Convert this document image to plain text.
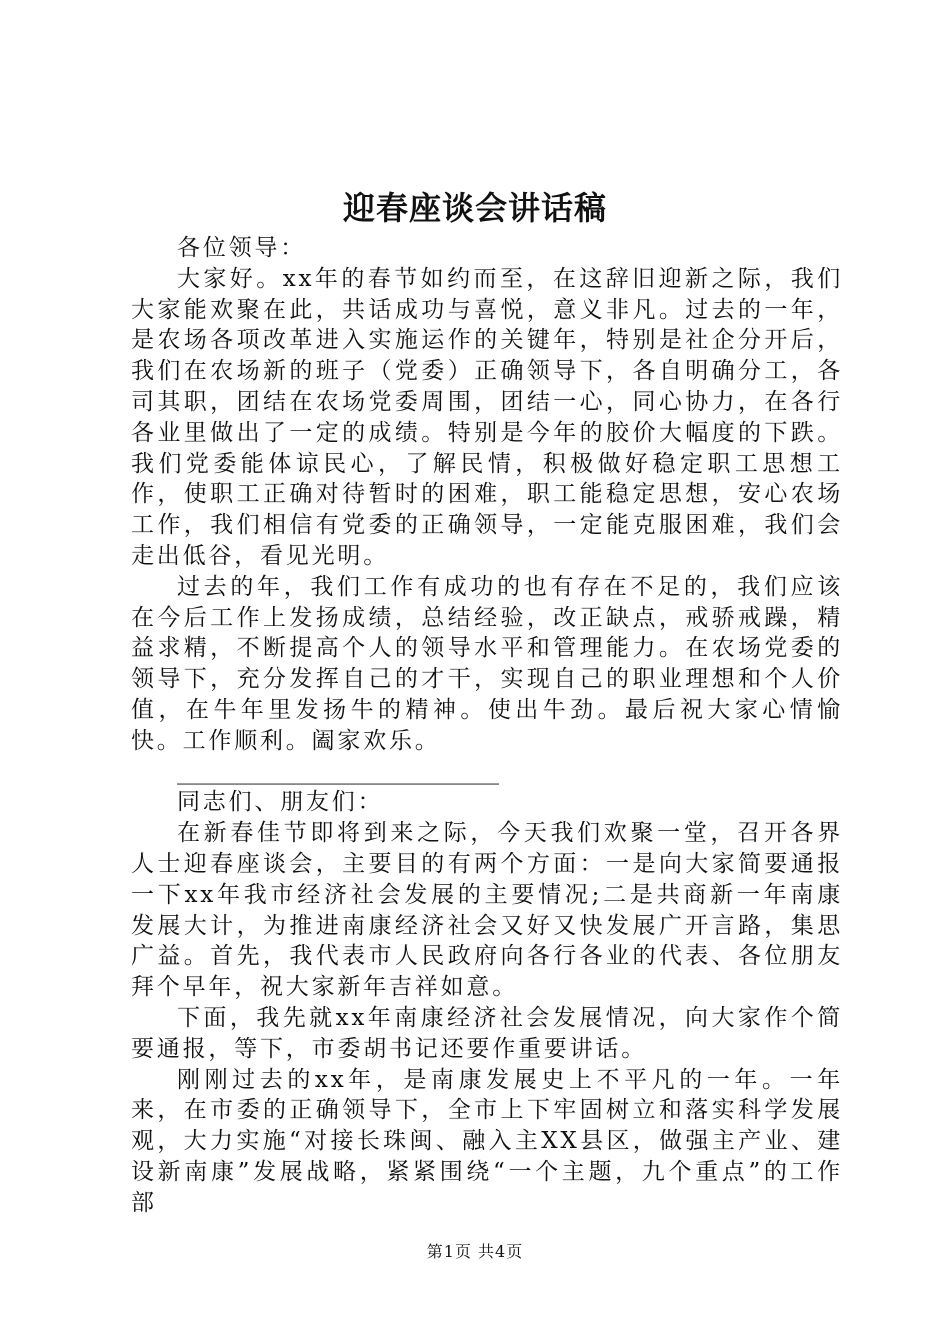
迎春座谈会讲话稿

各位领导：

大家好。xx年的春节如约而至，在这辞旧迎新之际，我们大家能欢聚在此，共话成功与喜悦，意义非凡。过去的一年，是农场各项改革进入实施运作的关键年，特别是社企分开后，我们在农场新的班子（党委）正确领导下，各自明确分工，各司其职，团结在农场党委周围，团结一心，同心协力，在各行各业里做出了一定的成绩。特别是今年的胶价大幅度的下跌。我们党委能体谅民心，了解民情，积极做好稳定职工思想工作，使职工正确对待暂时的困难，职工能稳定思想，安心农场工作，我们相信有党委的正确领导，一定能克服困难，我们会走出低谷，看见光明。

过去的年，我们工作有成功的也有存在不足的，我们应该在今后工作上发扬成绩，总结经验，改正缺点，戒骄戒躁，精益求精，不断提高个人的领导水平和管理能力。在农场党委的领导下，充分发挥自己的才干，实现自己的职业理想和个人价值，在牛年里发扬牛的精神。使出牛劲。最后祝大家心情愉快。工作顺利。阖家欢乐。

____________________________

同志们、朋友们：

在新春佳节即将到来之际，今天我们欢聚一堂，召开各界人士迎春座谈会，主要目的有两个方面：一是向大家简要通报一下xx年我市经济社会发展的主要情况;二是共商新一年南康发展大计，为推进南康经济社会又好又快发展广开言路，集思广益。首先，我代表市人民政府向各行各业的代表、各位朋友拜个早年，祝大家新年吉祥如意。

下面，我先就xx年南康经济社会发展情况，向大家作个简要通报，等下，市委胡书记还要作重要讲话。

刚刚过去的xx年，是南康发展史上不平凡的一年。一年来，在市委的正确领导下，全市上下牢固树立和落实科学发展观，大力实施“对接长珠闽、融入主XX县区，做强主产业、建设新南康”发展战略，紧紧围绕“一个主题，九个重点”的工作部

第1页 共4页
